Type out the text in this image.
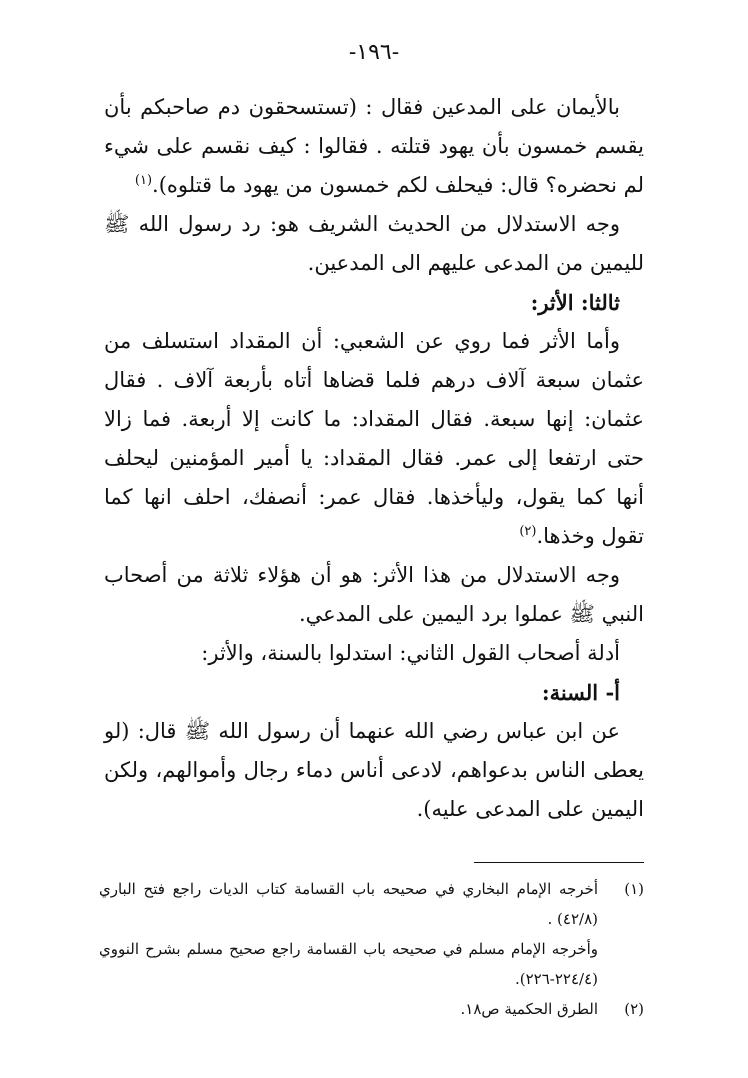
-١٩٦-

بالأيمان على المدعين فقال : (تستسحقون دم صاحبكم بأن يقسم خمسون بأن يهود قتلته . فقالوا : كيف نقسم على شيء لم نحضره؟ قال: فيحلف لكم خمسون من يهود ما قتلوه).$^{(١)}$

وجه الاستدلال من الحديث الشريف هو: رد رسول الله ﷺ لليمين من المدعى عليهم الى المدعين.

ثالثا: الأثر:

وأما الأثر فما روي عن الشعبي: أن المقداد استسلف من عثمان سبعة آلاف درهم فلما قضاها أتاه بأربعة آلاف . فقال عثمان: إنها سبعة. فقال المقداد: ما كانت إلا أربعة. فما زالا حتى ارتفعا إلى عمر. فقال المقداد: يا أمير المؤمنين ليحلف أنها كما يقول، وليأخذها. فقال عمر: أنصفك، احلف انها كما تقول وخذها.$^{(٢)}$

وجه الاستدلال من هذا الأثر: هو أن هؤلاء ثلاثة من أصحاب النبي ﷺ عملوا برد اليمين على المدعي.

أدلة أصحاب القول الثاني: استدلوا بالسنة، والأثر:

أ- السنة:

عن ابن عباس رضي الله عنهما أن رسول الله ﷺ قال: (لو يعطى الناس بدعواهم، لادعى أناس دماء رجال وأموالهم، ولكن اليمين على المدعى عليه).

(١)
أخرجه الإمام البخاري في صحيحه باب القسامة كتاب الديات راجع فتح الباري (٤٢/٨) .
وأخرجه الإمام مسلم في صحيحه باب القسامة راجع صحيح مسلم بشرح النووي (٢٢٤/٤-٢٢٦).
(٢)
الطرق الحكمية ص١٨.
